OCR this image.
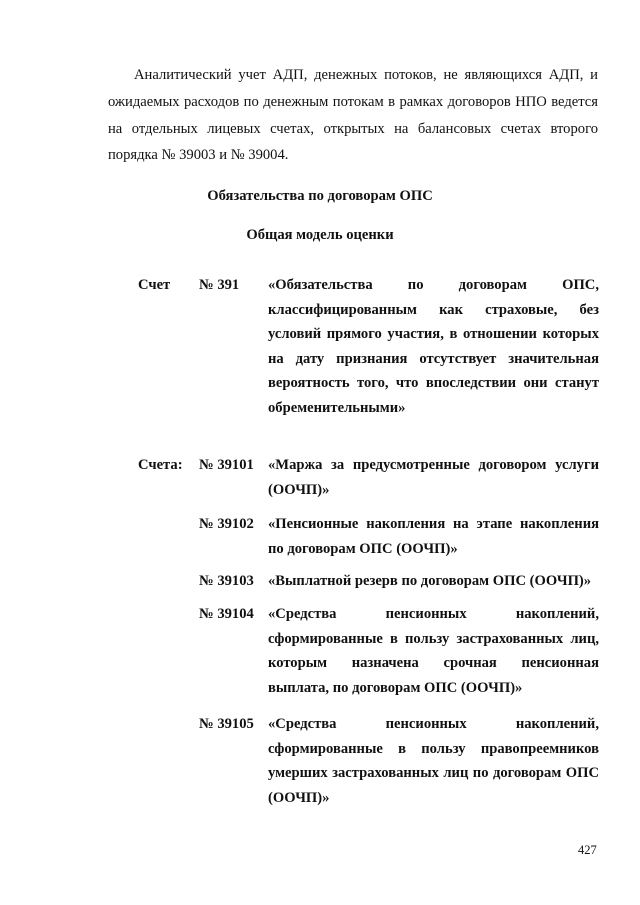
Аналитический учет АДП, денежных потоков, не являющихся АДП, и ожидаемых расходов по денежным потокам в рамках договоров НПО ведется на отдельных лицевых счетах, открытых на балансовых счетах второго порядка № 39003 и № 39004.

Обязательства по договорам ОПС

Общая модель оценки

Счет № 391 «Обязательства по договорам ОПС, классифицированным как страховые, без условий прямого участия, в отношении которых на дату признания отсутствует значительная вероятность того, что впоследствии они станут обременительными»

Счета: № 39101 «Маржа за предусмотренные договором услуги (ООЧП)»

№ 39102 «Пенсионные накопления на этапе накопления по договорам ОПС (ООЧП)»

№ 39103 «Выплатной резерв по договорам ОПС (ООЧП)»

№ 39104 «Средства пенсионных накоплений, сформированные в пользу застрахованных лиц, которым назначена срочная пенсионная выплата, по договорам ОПС (ООЧП)»

№ 39105 «Средства пенсионных накоплений, сформированные в пользу правопреемников умерших застрахованных лиц по договорам ОПС (ООЧП)»

427
